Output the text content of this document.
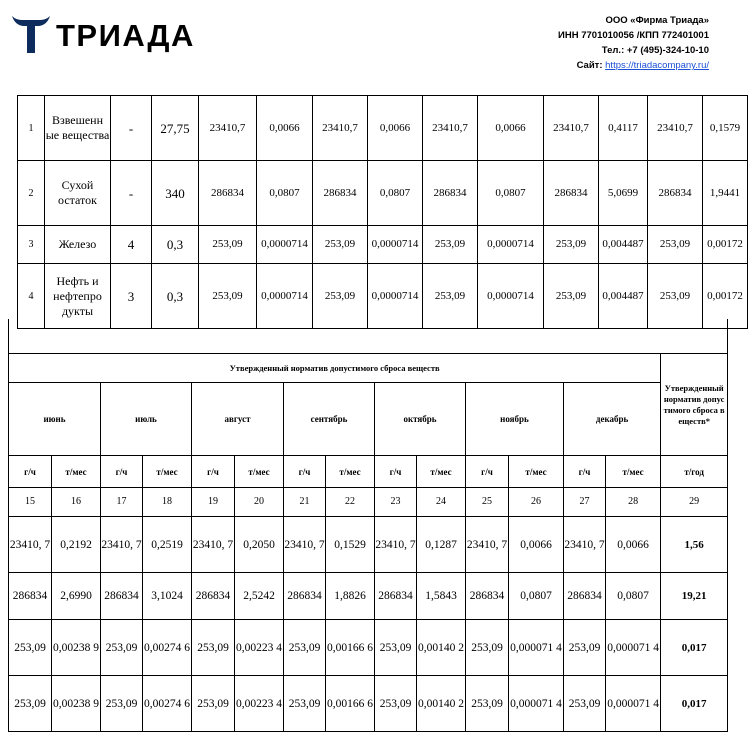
ТРИАДА	ООО «Фирма Триада»
ИНН 7701010056 /КПП 772401001
Тел.: +7 (495)-324-10-10
Сайт: https://triadacompany.ru/
1	Взвешенн ые вещества	-	27,75	23410,7	0,0066	23410,7	0,0066	23410,7	0,0066	23410,7	0,4117	23410,7	0,1579
2	Сухой остаток	-	340	286834	0,0807	286834	0,0807	286834	0,0807	286834	5,0699	286834	1,9441
3	Железо	4	0,3	253,09	0,0000714	253,09	0,0000714	253,09	0,0000714	253,09	0,004487	253,09	0,00172
4	Нефть и нефтепро дукты	3	0,3	253,09	0,0000714	253,09	0,0000714	253,09	0,0000714	253,09	0,004487	253,09	0,00172
Утвержденный норматив допустимого сброса веществ														Утвержденный норматив допустимого сброса веществ*
июнь		июль		август		сентябрь		октябрь		ноябрь		декабрь		
г/ч	т/мес	г/ч	т/мес	г/ч	т/мес	г/ч	т/мес	г/ч	т/мес	г/ч	т/мес	г/ч	т/мес	т/год
15	16	17	18	19	20	21	22	23	24	25	26	27	28	29
23410, 7	0,2192	23410, 7	0,2519	23410, 7	0,2050	23410, 7	0,1529	23410, 7	0,1287	23410, 7	0,0066	23410, 7	0,0066	1,56
286834	2,6990	286834	3,1024	286834	2,5242	286834	1,8826	286834	1,5843	286834	0,0807	286834	0,0807	19,21
253,09	0,00238 9	253,09	0,00274 6	253,09	0,00223 4	253,09	0,00166 6	253,09	0,00140 2	253,09	0,000071 4	253,09	0,000071 4	0,017
253,09	0,00238 9	253,09	0,00274 6	253,09	0,00223 4	253,09	0,00166 6	253,09	0,00140 2	253,09	0,000071 4	253,09	0,000071 4	0,017
